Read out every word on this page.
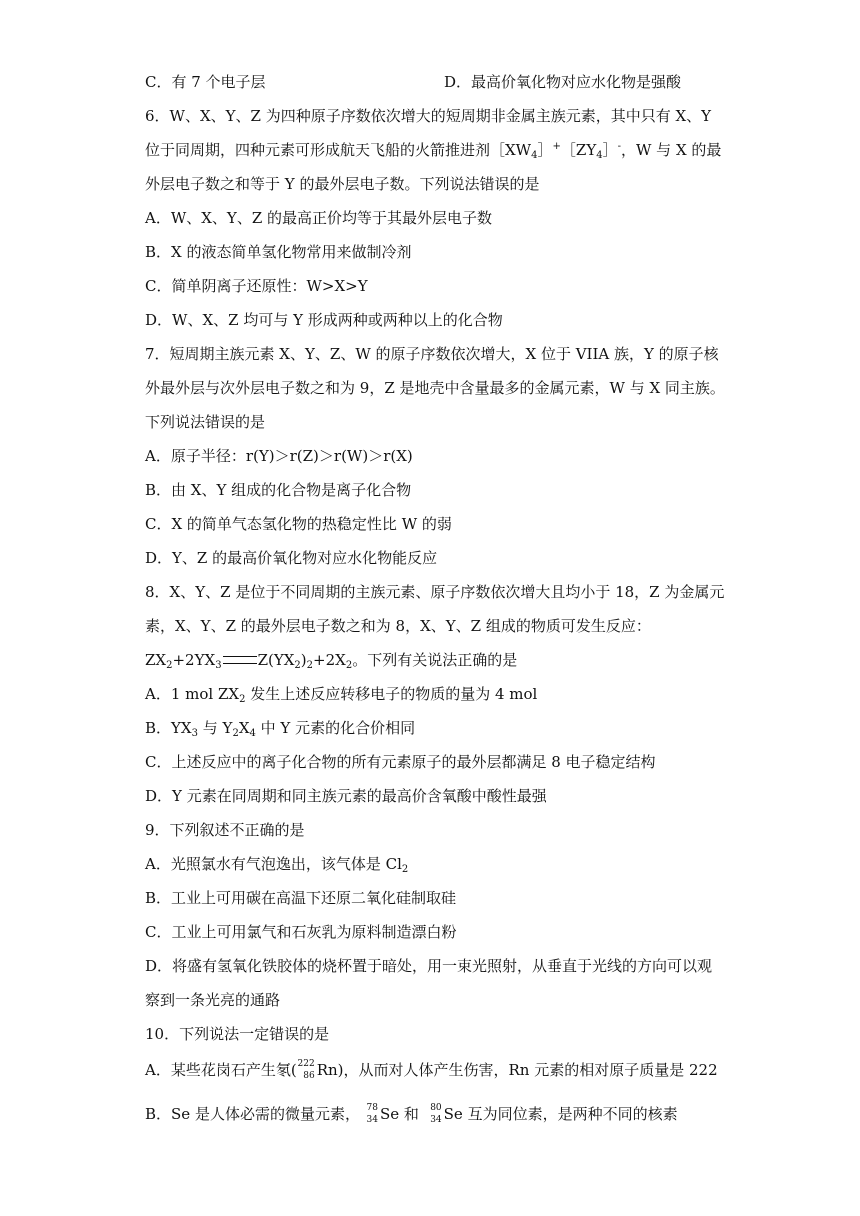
C．有 7 个电子层	D．最高价氧化物对应水化物是强酸
6．W、X、Y、Z 为四种原子序数依次增大的短周期非金属主族元素，其中只有 X、Y
位于同周期，四种元素可形成航天飞船的火箭推进剂$[XW_4]^+[ZY_4]^-$，W 与 X 的最
外层电子数之和等于 Y 的最外层电子数。下列说法错误的是
A．W、X、Y、Z 的最高正价均等于其最外层电子数
B．X 的液态简单氢化物常用来做制冷剂
C．简单阴离子还原性：W>X>Y
D．W、X、Z 均可与 Y 形成两种或两种以上的化合物
7．短周期主族元素 X、Y、Z、W 的原子序数依次增大，X 位于 VIIA 族，Y 的原子核
外最外层与次外层电子数之和为 9，Z 是地壳中含量最多的金属元素，W 与 X 同主族。
下列说法错误的是
A．原子半径：r(Y)＞r(Z)＞r(W)＞r(X)
B．由 X、Y 组成的化合物是离子化合物
C．X 的简单气态氢化物的热稳定性比 W 的弱
D．Y、Z 的最高价氧化物对应水化物能反应
8．X、Y、Z 是位于不同周期的主族元素、原子序数依次增大且均小于 18，Z 为金属元
素，X、Y、Z 的最外层电子数之和为 8，X、Y、Z 组成的物质可发生反应：
$ZX_2+2YX_3$ $Z(YX_2)_2+2X_2$。下列有关说法正确的是
A．1 mol $ZX_2$ 发生上述反应转移电子的物质的量为 4 mol
B．$YX_3$ 与 $Y_2X_4$ 中 Y 元素的化合价相同
C．上述反应中的离子化合物的所有元素原子的最外层都满足 8 电子稳定结构
D．Y 元素在同周期和同主族元素的最高价含氧酸中酸性最强
9．下列叙述不正确的是
A．光照氯水有气泡逸出，该气体是 $Cl_2$
B．工业上可用碳在高温下还原二氧化硅制取硅
C．工业上可用氯气和石灰乳为原料制造漂白粉
D．将盛有氢氧化铁胶体的烧杯置于暗处，用一束光照射，从垂直于光线的方向可以观
察到一条光亮的通路
10．下列说法一定错误的是
A．某些花岗石产生氡( 222
86 Rn)，从而对人体产生伤害，Rn 元素的相对原子质量是 222
B．Se 是人体必需的微量元素， 78
34 Se 和 80
34 Se 互为同位素，是两种不同的核素
